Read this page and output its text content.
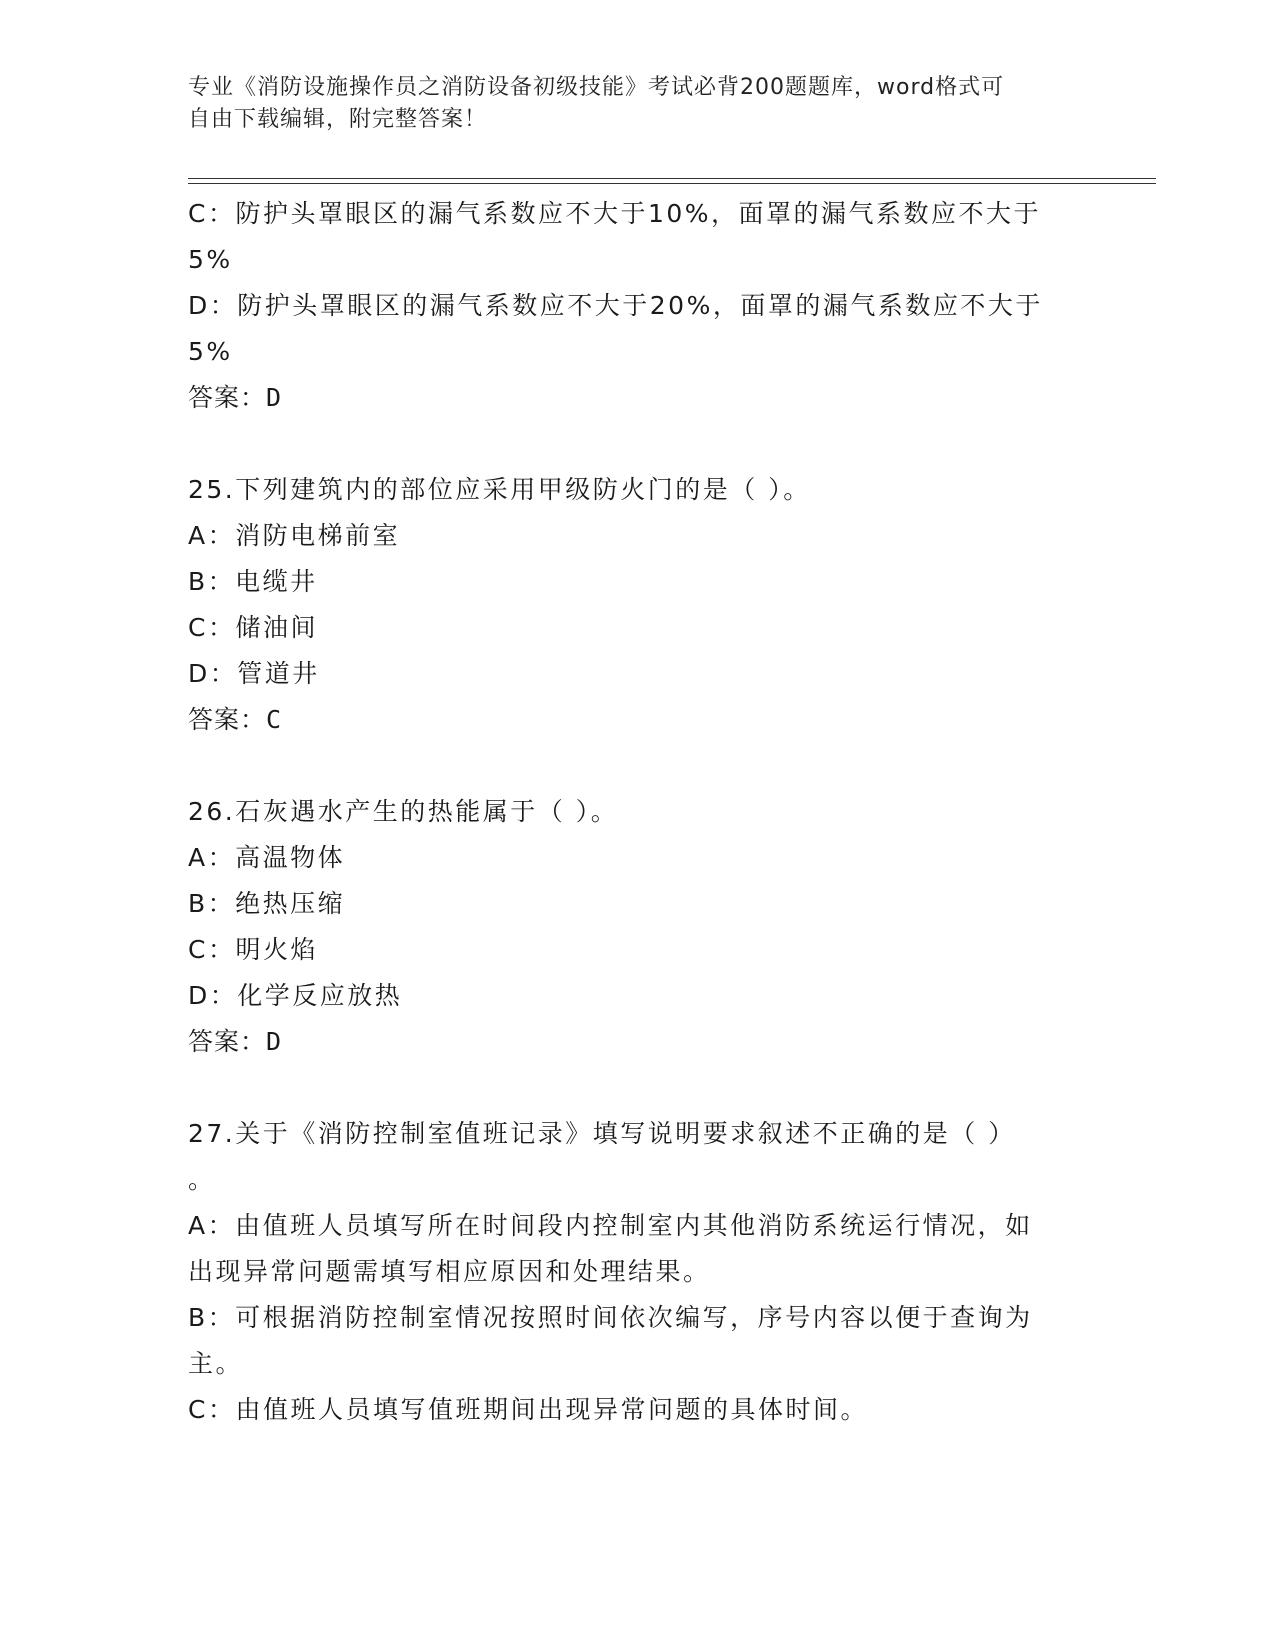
专业《消防设施操作员之消防设备初级技能》考试必背200题题库，word格式可
自由下载编辑，附完整答案！
C：防护头罩眼区的漏气系数应不大于10%，面罩的漏气系数应不大于
5%
D：防护头罩眼区的漏气系数应不大于20%，面罩的漏气系数应不大于
5%
答案：D
25.下列建筑内的部位应采用甲级防火门的是（ ）。
A：消防电梯前室
B：电缆井
C：储油间
D：管道井
答案：C
26.石灰遇水产生的热能属于（ ）。
A：高温物体
B：绝热压缩
C：明火焰
D：化学反应放热
答案：D
27.关于《消防控制室值班记录》填写说明要求叙述不正确的是（ ）
。
A：由值班人员填写所在时间段内控制室内其他消防系统运行情况，如
出现异常问题需填写相应原因和处理结果。
B：可根据消防控制室情况按照时间依次编写，序号内容以便于查询为
主。
C：由值班人员填写值班期间出现异常问题的具体时间。
